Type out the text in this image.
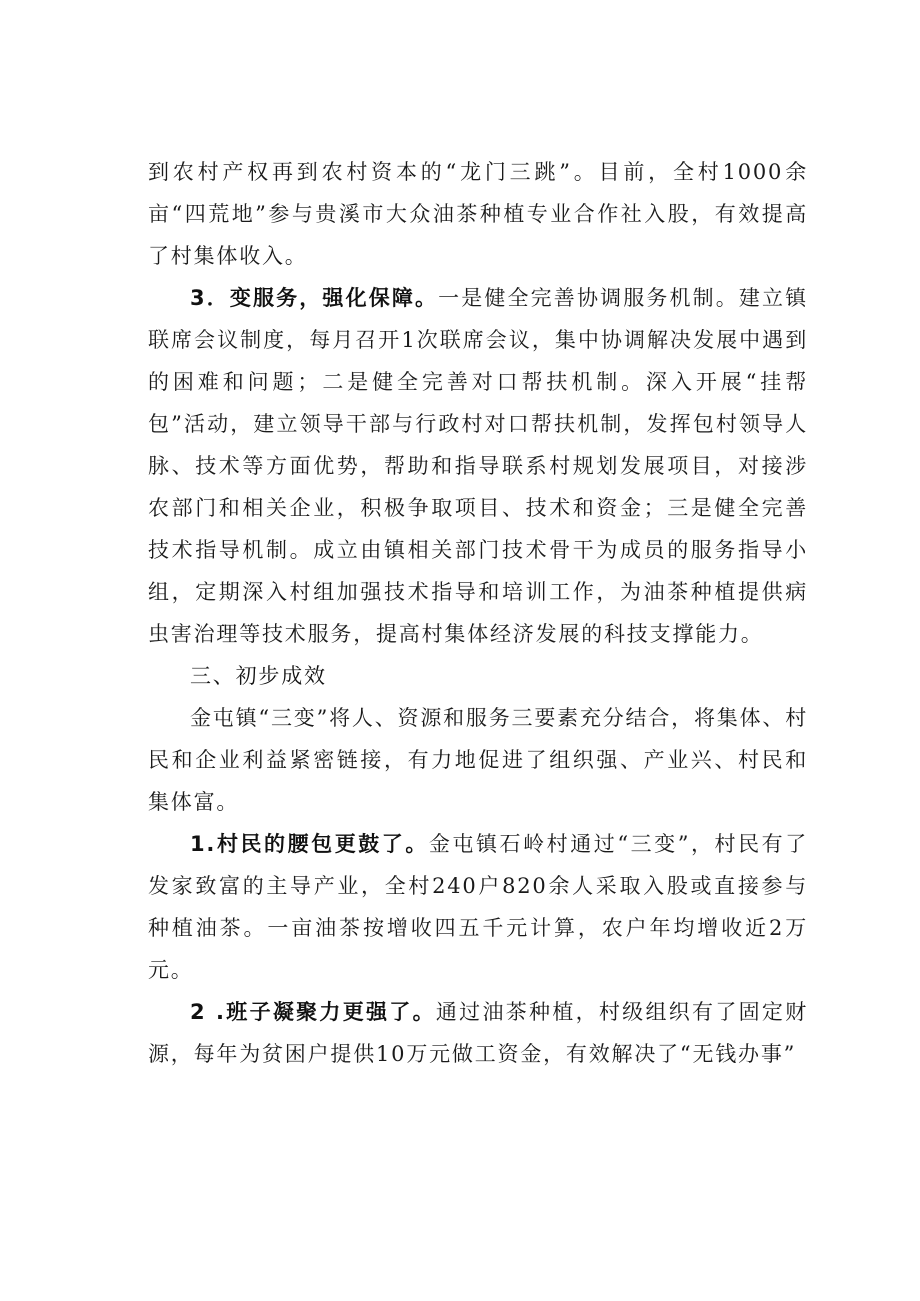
到农村产权再到农村资本的“龙门三跳”。目前，全村1000余亩“四荒地”参与贵溪市大众油茶种植专业合作社入股，有效提高了村集体收入。

3．变服务，强化保障。一是健全完善协调服务机制。建立镇联席会议制度，每月召开1次联席会议，集中协调解决发展中遇到的困难和问题；二是健全完善对口帮扶机制。深入开展“挂帮包”活动，建立领导干部与行政村对口帮扶机制，发挥包村领导人脉、技术等方面优势，帮助和指导联系村规划发展项目，对接涉农部门和相关企业，积极争取项目、技术和资金；三是健全完善技术指导机制。成立由镇相关部门技术骨干为成员的服务指导小组，定期深入村组加强技术指导和培训工作，为油茶种植提供病虫害治理等技术服务，提高村集体经济发展的科技支撑能力。

三、初步成效

金屯镇“三变”将人、资源和服务三要素充分结合，将集体、村民和企业利益紧密链接，有力地促进了组织强、产业兴、村民和集体富。

1.村民的腰包更鼓了。金屯镇石岭村通过“三变”，村民有了发家致富的主导产业，全村240户820余人采取入股或直接参与种植油茶。一亩油茶按增收四五千元计算，农户年均增收近2万元。

2 .班子凝聚力更强了。通过油茶种植，村级组织有了固定财源，每年为贫困户提供10万元做工资金，有效解决了“无钱办事”
